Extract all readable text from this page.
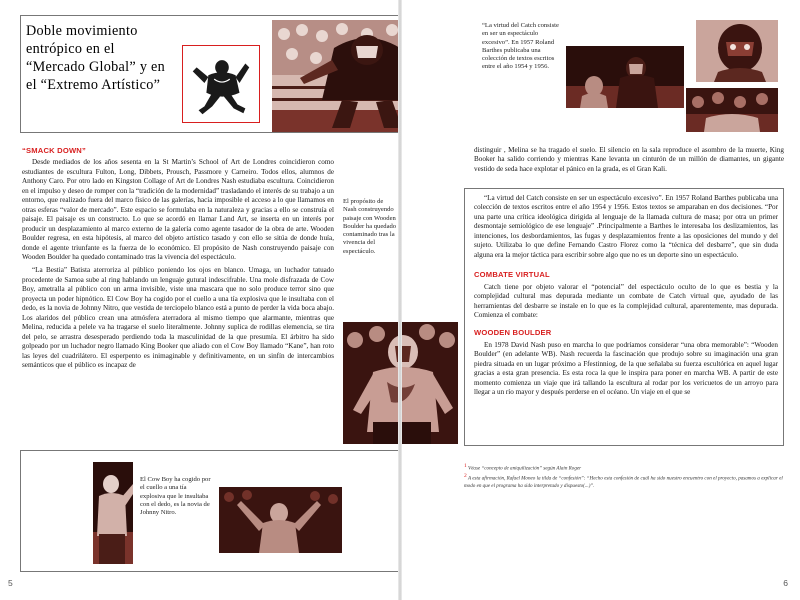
Doble movimiento entrópico en el “Mercado Global” y en el “Extremo Artístico”
“SMACK DOWN”

Desde mediados de los años sesenta en la St Martin’s School of Art de Londres coincidieron como estudiantes de escultura Fulton, Long, Dibbets, Prousch, Passmore y Carneiro. Todos ellos, alumnos de Anthony Caro. Por otro lado en Kingston Collage of Art de Londres Nash estudiaba escultura. Coincidieron en el impulso y deseo de romper con la “tradición de la modernidad” trasladando el interés de su trabajo a un entorno, que realizado fuera del marco físico de las galerías, hacía imposible el acceso a lo que llamamos en otras esferas “valor de mercado”. Este espacio se formulaba en la naturaleza y gracias a ello se construía el paisaje. El paisaje es un constructo. Lo que se acordó en llamar Land Art, se inserta en un interés por producir un desplazamiento al marco externo de la galería como agente tasador de la obra de arte. Wooden Boulder regresa, en esta hipótesis, al marco del objeto artístico tasado y con ello se sitúa de donde huía, donde el agente triunfante es la fuerza de lo económico. El propósito de Nash construyendo paisaje con Wooden Boulder ha quedado contaminado tras la vivencia del espectáculo.

“La Bestia” Batista aterroriza al público poniendo los ojos en blanco. Umaga, un luchador tatuado procedente de Samoa sube al ring hablando un lenguaje gutural indescifrable. Una mole disfrazada de Cow Boy, ametralla al público con un arma invisible, viste una mascara que no solo produce terror sino que proyecta un poder hipnótico. El Cow Boy ha cogido por el cuello a una tía explosiva que le insultaba con el dedo, es la novia de Johnny Nitro, que vestida de terciopelo blanco está a punto de perder la vida boca abajo. Los alaridos del público crean una atmósfera aterradora al mismo tiempo que alarmante, mientras que Melina, reducida a pelele va ha tragarse el suelo literalmente. Johnny suplica de rodillas elemencia, se tira del pelo, se arrastra desesperado perdiendo toda la masculinidad de la que presumía. El árbitro ha sido golpeado por un luchador negro llamado King Booker que aliado con el Cow Boy llamado “Kane”, han roto las leyes del cuadrilátero. El esperpento es inimaginable y definitivamente, en un sinfín de intercambios semánticos que el público es incapaz de

El Cow Boy ha cogido por el cuello a una tía explosiva que le insultaba con el dedo, es la novia de Johnny Nitro.
5
“La virtud del Catch consiste en ser un espectáculo excesivo”. En 1957 Roland Barthes publicaba una colección de textos escritos entre el año 1954 y 1956.

distinguir , Melina se ha tragado el suelo. El silencio en la sala reproduce el asombro de la muerte, King Booker ha salido corriendo y mientras Kane levanta un cinturón de un millón de diamantes, un gigante vestido de seda hace explotar el pánico en la grada, es el Gran Kali.

“La virtud del Catch consiste en ser un espectáculo excesivo”. En 1957 Roland Barthes publicaba una colección de textos escritos entre el año 1954 y 1956. Estos textos se amparaban en dos decisiones. “Por una parte una crítica ideológica dirigida al lenguaje de la llamada cultura de masa; por otra un primer desmontaje semiológico de ese lenguaje” .Principalmente a Barthes le interesaba los deslizamientos, las intenciones, los desbordamientos, las fugas y desplazamientos frente a las oposiciones del mundo y del sujeto. Utilizaba lo que define Fernando Castro Florez como la “técnica del desbarre”, que sin duda alguna era la mejor táctica para escribir sobre algo que no es un deporte sino un espectáculo.

COMBATE VIRTUAL

Catch tiene por objeto valorar el “potencial” del espectáculo oculto de lo que es bestia y la complejidad cultural mas depurada mediante un combate de Catch virtual que, ayudado de las herramientas del desbarre se instale en lo que es la complejidad cultural, aparentemente, mas depurada. Comienza el combate:

WOODEN BOULDER

En 1978 David Nash puso en marcha lo que podríamos considerar “una obra memorable”: “Wooden Boulder” (en adelante WB). Nash recuerda la fascinación que produjo sobre su imaginación una gran piedra situada en un lugar próximo a Ffestinniog, de la que señalaba su fuerza escultórica en aquel lugar gracias a esta gran presencia. Es esta roca la que le inspira para poner en marcha WB. A partir de este momento comienza un viaje que irá tallando la escultura al rodar por los vericuetos de un arroyo para llegar a un río mayor y después perderse en el océano. Un viaje en el que se

1 Véase “concepto de aniquilización” según Alain Roger
2 A esta afirmación, Rafael Moneo la tilda de “confesión”: “Hecho esta confesión de cuál ha sido nuestro encuentro con el proyecto, pasamos a explicar el modo en que el programa ha sido interpretado y dispuesto(...)”.
6
El propósito de Nash construyendo paisaje con Wooden Boulder ha quedado contaminado tras la vivencia del espectáculo.
